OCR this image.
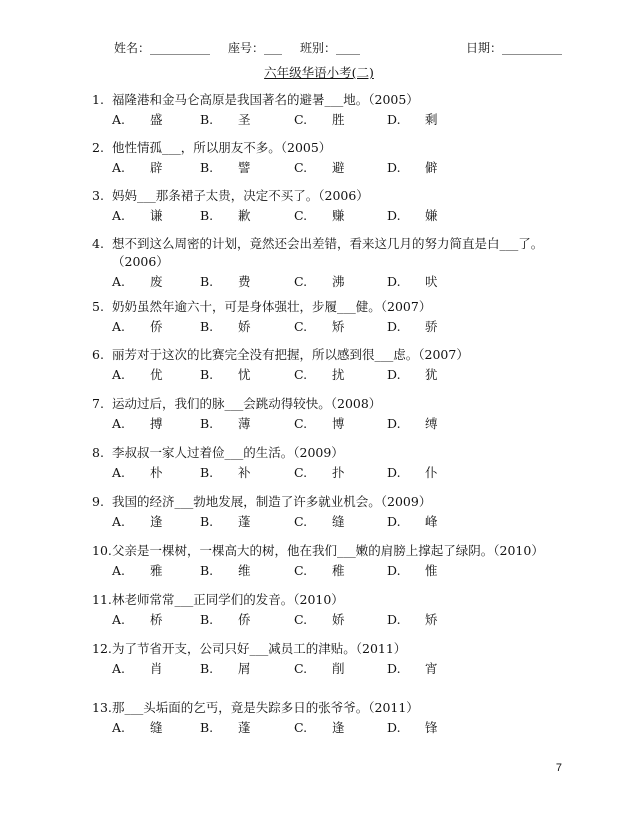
姓名：__________ 座号：___ 班别：____	日期：__________
六年级华语小考(二)
1. 福隆港和金马仑高原是我国著名的避暑___地。（2005）
A. 盛	B. 圣	C. 胜	D. 剩
2. 他性情孤___，所以朋友不多。（2005）
A. 辟	B. 譬	C. 避	D. 僻
3. 妈妈___那条裙子太贵，决定不买了。（2006）
A. 谦	B. 歉	C. 赚	D. 嫌
4. 想不到这么周密的计划，竟然还会出差错，看来这几月的努力简直是白___了。
（2006）
A. 废	B. 费	C. 沸	D. 吠
5. 奶奶虽然年逾六十，可是身体强壮，步履___健。（2007）
A. 侨	B. 娇	C. 矫	D. 骄
6. 丽芳对于这次的比赛完全没有把握，所以感到很___虑。（2007）
A. 优	B. 忧	C. 扰	D. 犹
7. 运动过后，我们的脉___会跳动得较快。（2008）
A. 搏	B. 薄	C. 博	D. 缚
8. 李叔叔一家人过着俭___的生活。（2009）
A. 朴	B. 补	C. 扑	D. 仆
9. 我国的经济___勃地发展，制造了许多就业机会。（2009）
A. 逢	B. 蓬	C. 缝	D. 峰
10.父亲是一棵树，一棵高大的树，他在我们___嫩的肩膀上撑起了绿阴。（2010）
A. 雅	B. 维	C. 稚	D. 惟
11.林老师常常___正同学们的发音。（2010）
A. 桥	B. 侨	C. 娇	D. 矫
12.为了节省开支，公司只好___减员工的津贴。（2011）
A. 肖	B. 屑	C. 削	D. 宵
13.那___头垢面的乞丐，竟是失踪多日的张爷爷。（2011）
A. 缝	B. 蓬	C. 逢	D. 锋
7
